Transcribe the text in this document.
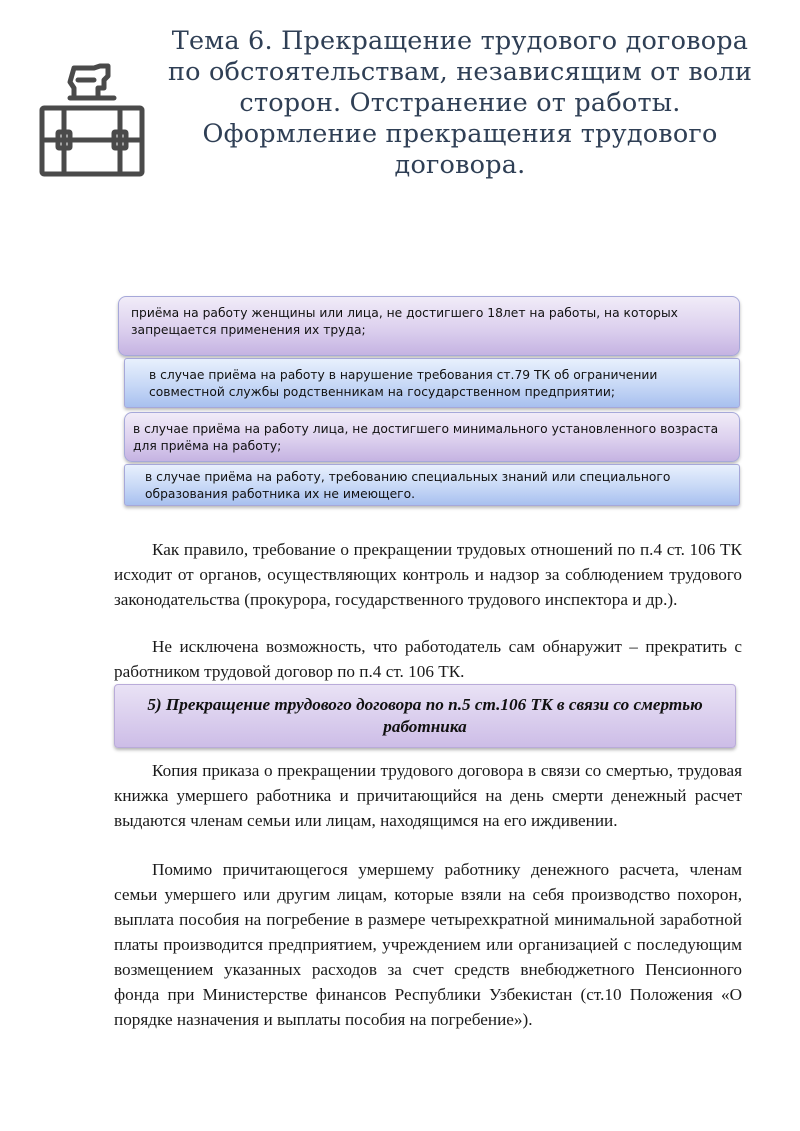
Тема 6. Прекращение трудового договора по обстоятельствам, независящим от воли сторон. Отстранение от работы. Оформление прекращения трудового договора.
приёма на работу женщины или лица, не достигшего 18лет на работы, на которых запрещается применения их труда;
в случае приёма на работу в нарушение требования ст.79 ТК об ограничении совместной службы родственникам на государственном предприятии;
в случае приёма на работу лица, не достигшего минимального установленного возраста для приёма на работу;
в случае приёма на работу, требованию специальных знаний или специального образования работника их не имеющего.

Как правило, требование о прекращении трудовых отношений по п.4 ст. 106 ТК исходит от органов, осуществляющих контроль и надзор за соблюдением трудового законодательства (прокурора, государственного трудового инспектора и др.).

Не исключена возможность, что работодатель сам обнаружит – прекратить с работником трудовой договор по п.4 ст. 106 ТК.

5) Прекращение трудового договора по п.5 ст.106 ТК в связи со смертью работника

Копия приказа о прекращении трудового договора в связи со смертью, трудовая книжка умершего работника и причитающийся на день смерти денежный расчет выдаются членам семьи или лицам, находящимся на его иждивении.

Помимо причитающегося умершему работнику денежного расчета, членам семьи умершего или другим лицам, которые взяли на себя производство похорон, выплата пособия на погребение в размере четырехкратной минимальной заработной платы производится предприятием, учреждением или организацией с последующим возмещением указанных расходов за счет средств внебюджетного Пенсионного фонда при Министерстве финансов Республики Узбекистан (ст.10 Положения «О порядке назначения и выплаты пособия на погребение»).
